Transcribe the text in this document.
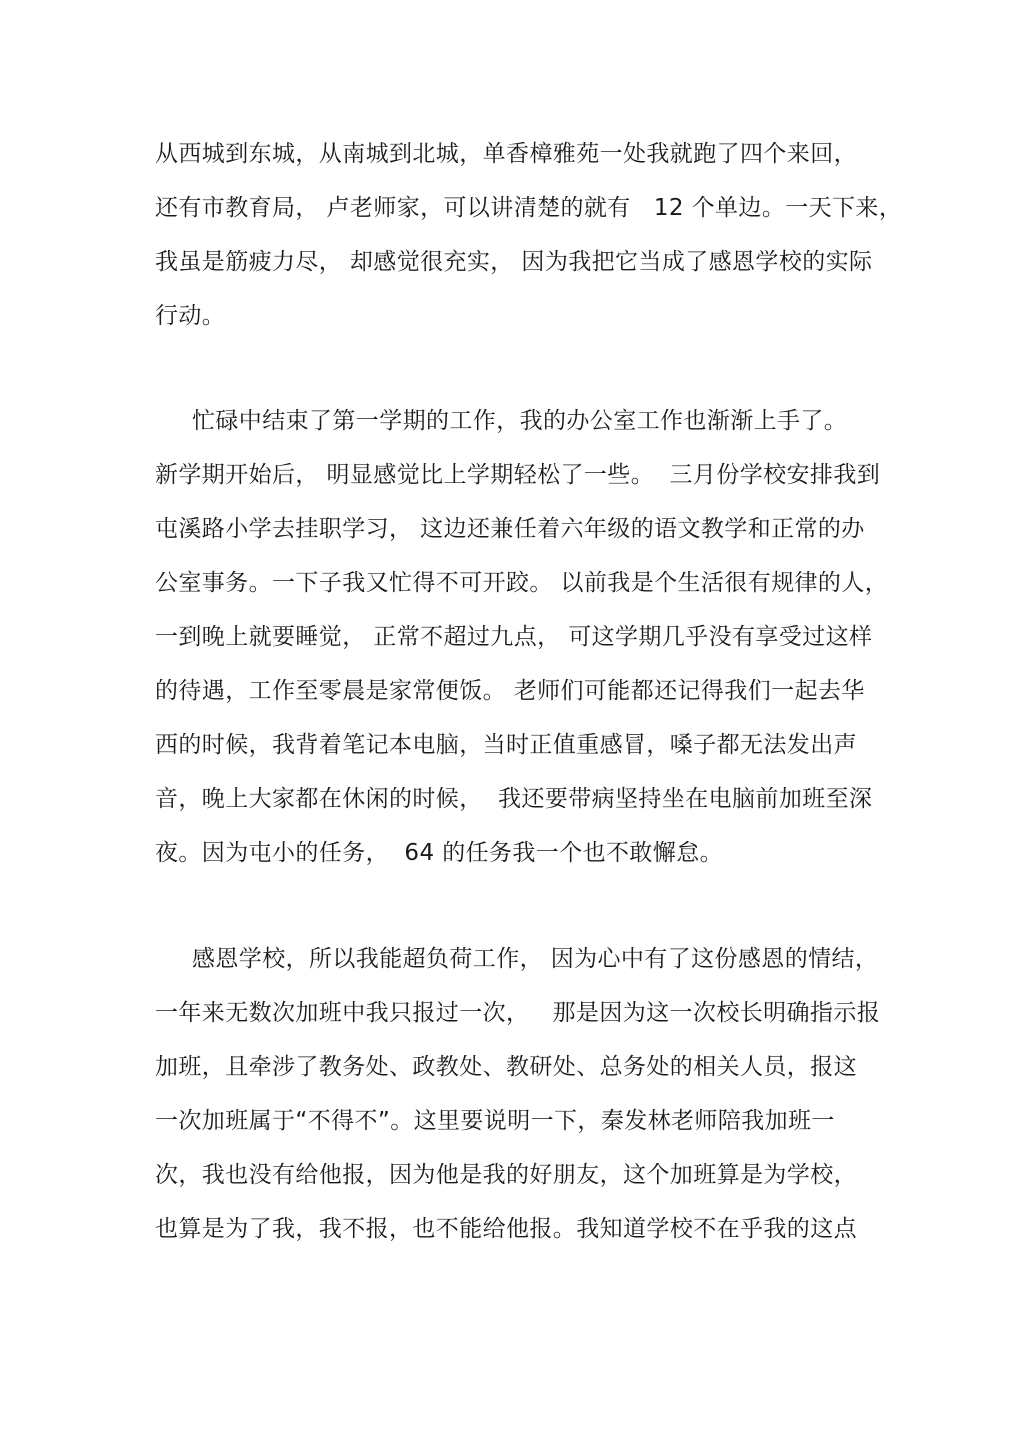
从西城到东城，从南城到北城，单香樟雅苑一处我就跑了四个来回，
还有市教育局， 卢老师家，可以讲清楚的就有   12 个单边。一天下来，
我虽是筋疲力尽， 却感觉很充实， 因为我把它当成了感恩学校的实际
行动。
忙碌中结束了第一学期的工作，我的办公室工作也渐渐上手了。
新学期开始后， 明显感觉比上学期轻松了一些。  三月份学校安排我到
屯溪路小学去挂职学习， 这边还兼任着六年级的语文教学和正常的办
公室事务。一下子我又忙得不可开跤。 以前我是个生活很有规律的人，
一到晚上就要睡觉， 正常不超过九点， 可这学期几乎没有享受过这样
的待遇，工作至零晨是家常便饭。 老师们可能都还记得我们一起去华
西的时候，我背着笔记本电脑，当时正值重感冒，嗓子都无法发出声
音，晚上大家都在休闲的时候，  我还要带病坚持坐在电脑前加班至深
夜。因为屯小的任务，  64 的任务我一个也不敢懈怠。
感恩学校，所以我能超负荷工作， 因为心中有了这份感恩的情结，
一年来无数次加班中我只报过一次，   那是因为这一次校长明确指示报
加班，且牵涉了教务处、政教处、教研处、总务处的相关人员，报这
一次加班属于“不得不”。这里要说明一下，秦发林老师陪我加班一
次，我也没有给他报，因为他是我的好朋友，这个加班算是为学校，
也算是为了我，我不报，也不能给他报。我知道学校不在乎我的这点
